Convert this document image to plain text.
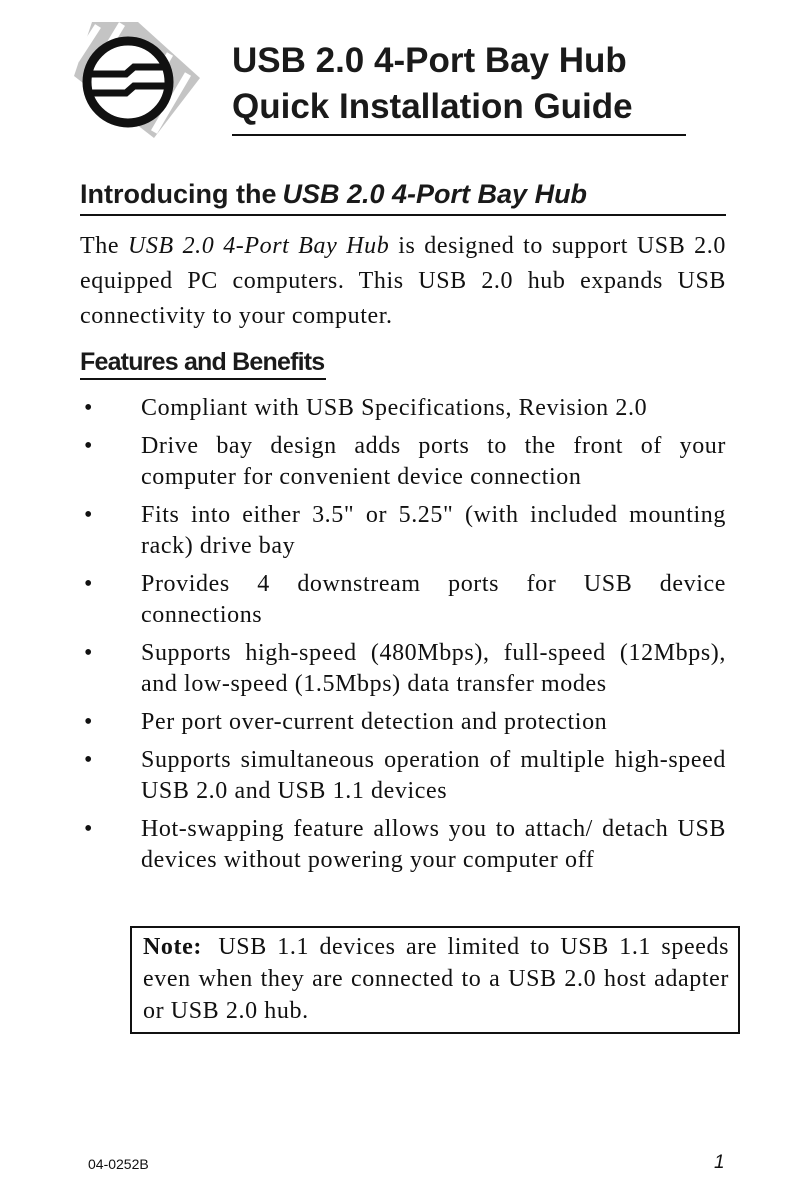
USB 2.0 4-Port Bay Hub
Quick Installation Guide
Introducing the USB 2.0 4-Port Bay Hub

The USB 2.0 4-Port Bay Hub is designed to support USB 2.0 equipped PC computers. This USB 2.0 hub expands USB connectivity to your computer.

Features and Benefits
• Compliant with USB Specifications, Revision 2.0
• Drive bay design adds ports to the front of your computer for convenient device connection
• Fits into either 3.5" or 5.25" (with included mounting rack) drive bay
• Provides 4 downstream ports for USB device connections
• Supports high-speed (480Mbps), full-speed (12Mbps), and low-speed (1.5Mbps) data transfer modes
• Per port over-current detection and protection
• Supports simultaneous operation of multiple high-speed USB 2.0 and USB 1.1 devices
• Hot-swapping feature allows you to attach/ detach USB devices without powering your computer off
Note: USB 1.1 devices are limited to USB 1.1 speeds even when they are connected to a USB 2.0 host adapter or USB 2.0 hub.
04-0252B	1
